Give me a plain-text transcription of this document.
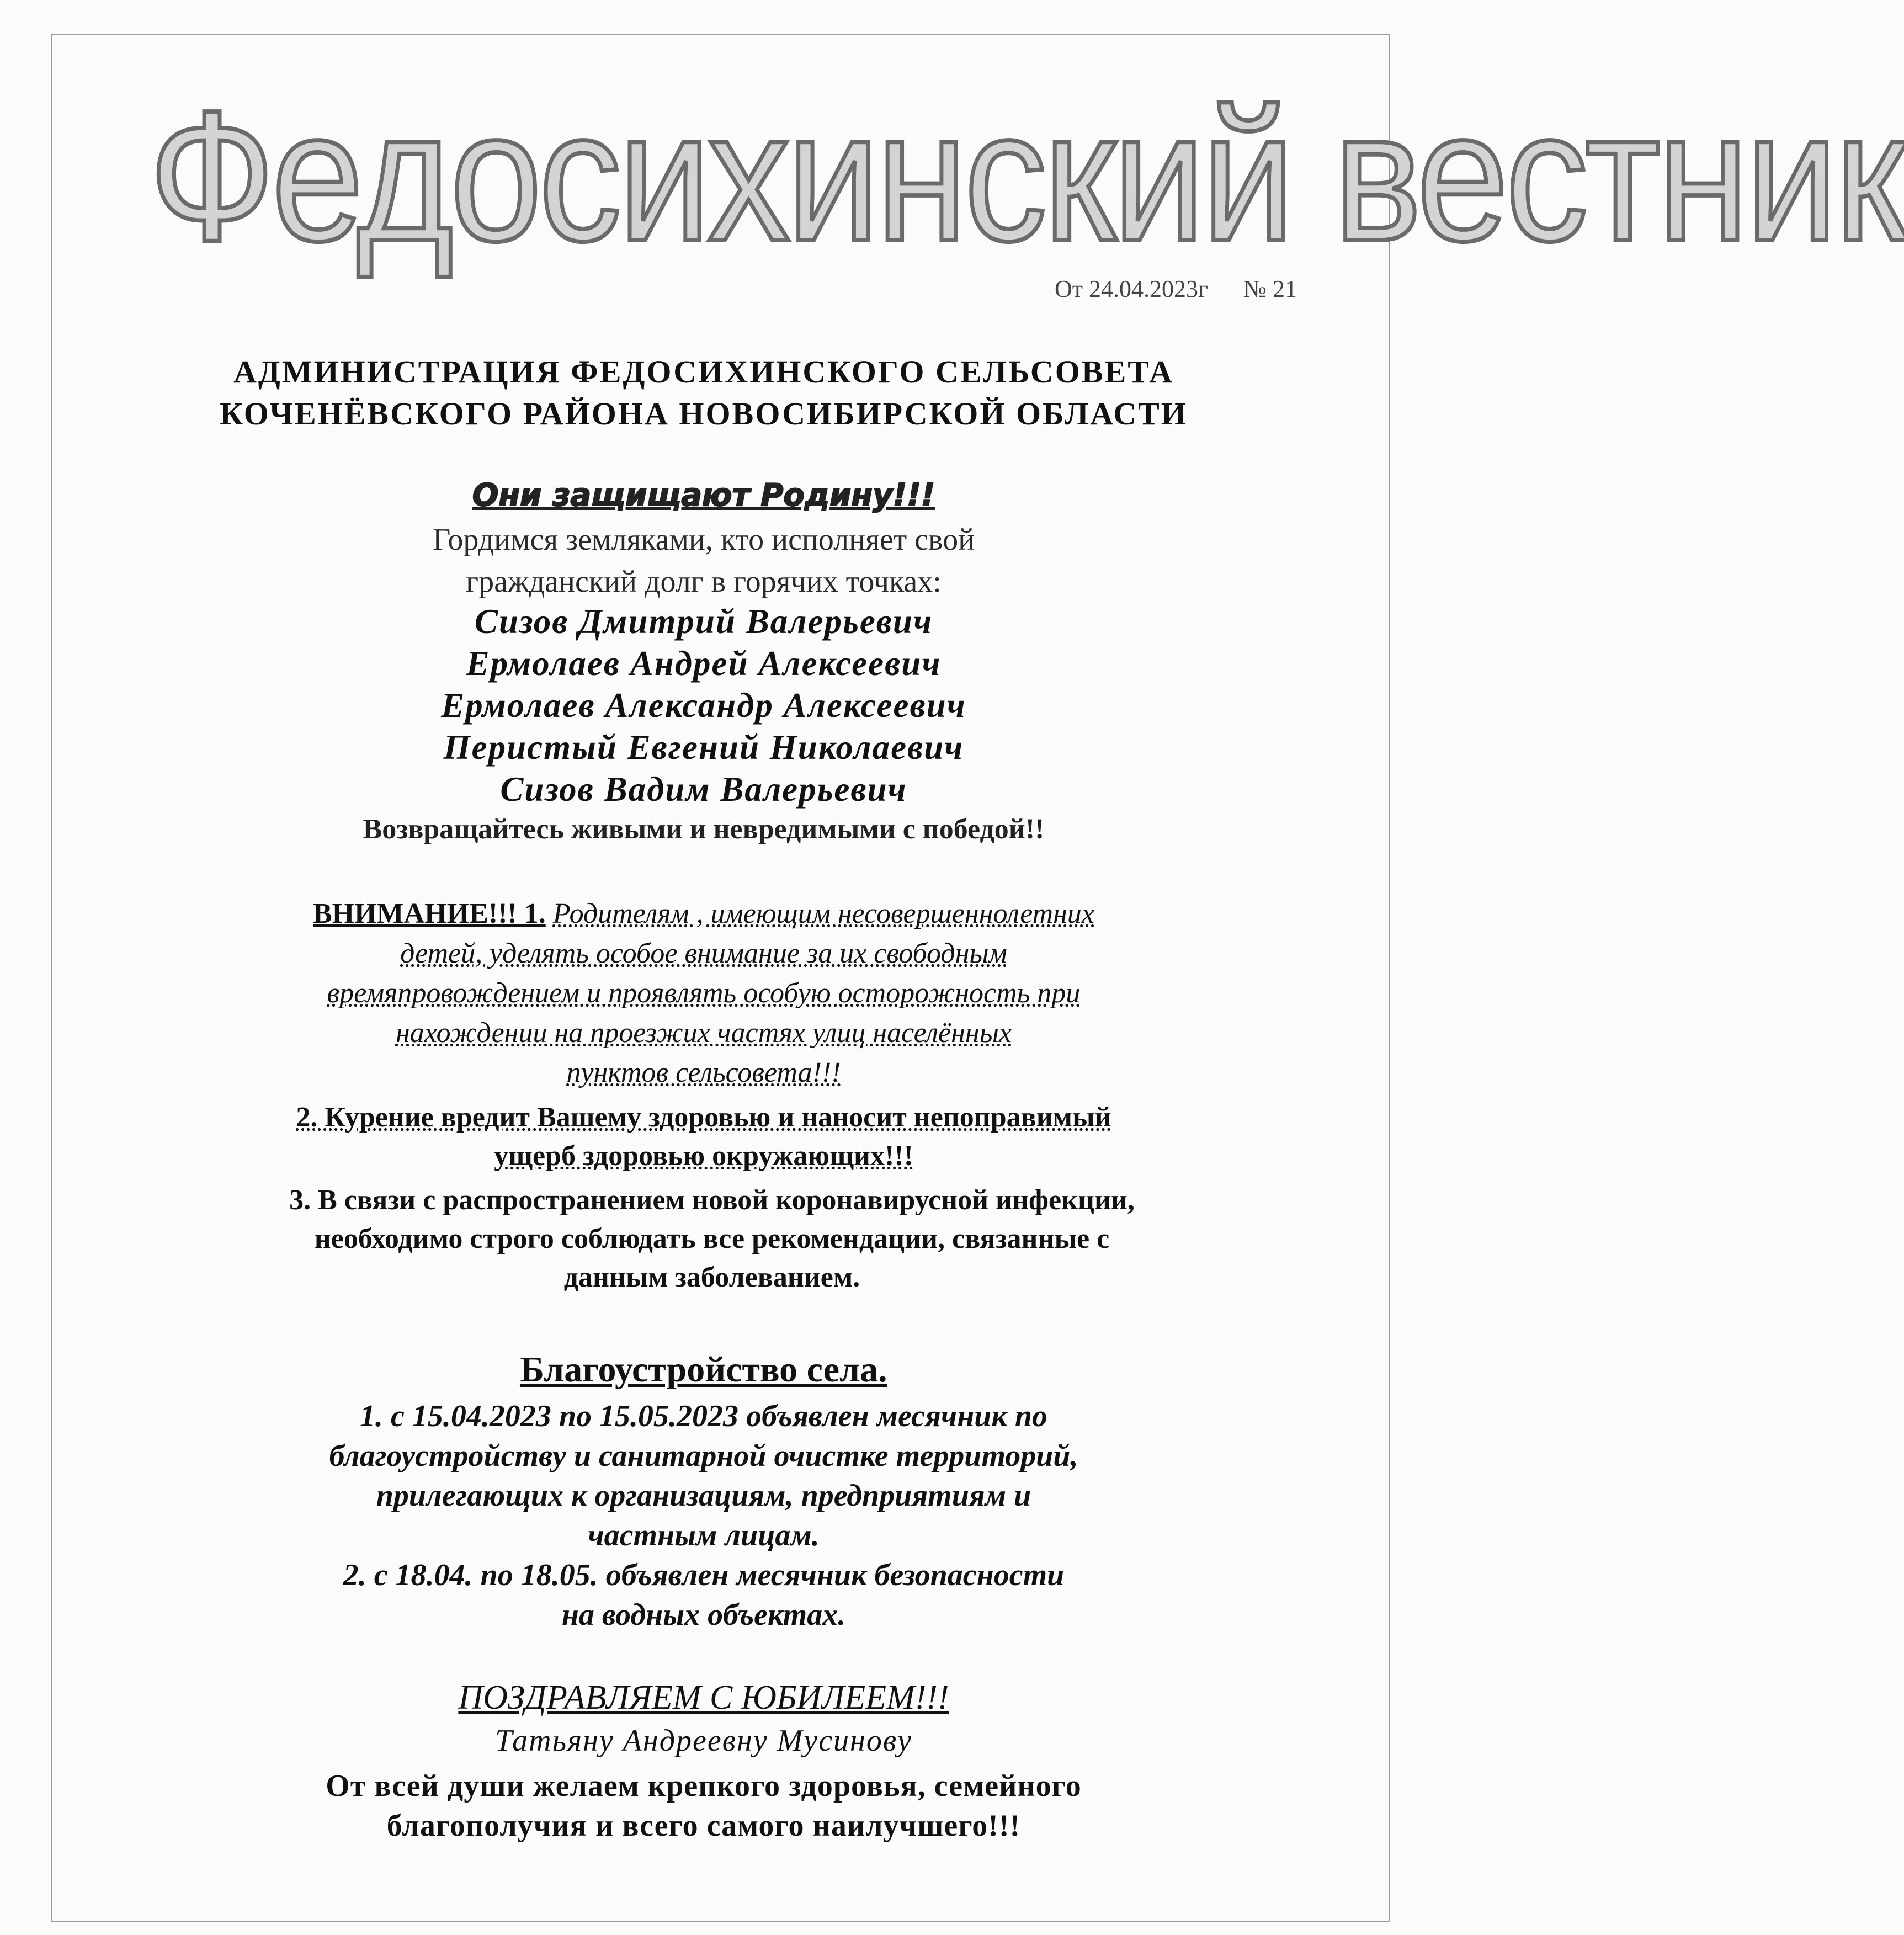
Федосихинский вестник
От 24.04.2023г № 21
АДМИНИСТРАЦИЯ ФЕДОСИХИНСКОГО СЕЛЬСОВЕТА
КОЧЕНЁВСКОГО РАЙОНА НОВОСИБИРСКОЙ ОБЛАСТИ
Они защищают Родину!!!
Гордимся земляками, кто исполняет свой
гражданский долг в горячих точках:
Сизов Дмитрий Валерьевич
Ермолаев Андрей Алексеевич
Ермолаев Александр Алексеевич
Перистый Евгений Николаевич
Сизов Вадим Валерьевич
Возвращайтесь живыми и невредимыми с победой!!
ВНИМАНИЕ!!! 1. Родителям , имеющим несовершеннолетних
детей, уделять особое внимание за их свободным
времяпровождением и проявлять особую осторожность при
нахождении на проезжих частях улиц населённых
пунктов сельсовета!!!
2. Курение вредит Вашему здоровью и наносит непоправимый
ущерб здоровью окружающих!!!
3. В связи с распространением новой коронавирусной инфекции,
необходимо строго соблюдать все рекомендации, связанные с
данным заболеванием.
Благоустройство села.
1. с 15.04.2023 по 15.05.2023 объявлен месячник по
благоустройству и санитарной очистке территорий,
прилегающих к организациям, предприятиям и
частным лицам.
2. с 18.04. по 18.05. объявлен месячник безопасности
на водных объектах.
ПОЗДРАВЛЯЕМ С ЮБИЛЕЕМ!!!
Татьяну Андреевну Мусинову
От всей души желаем крепкого здоровья, семейного
благополучия и всего самого наилучшего!!!
